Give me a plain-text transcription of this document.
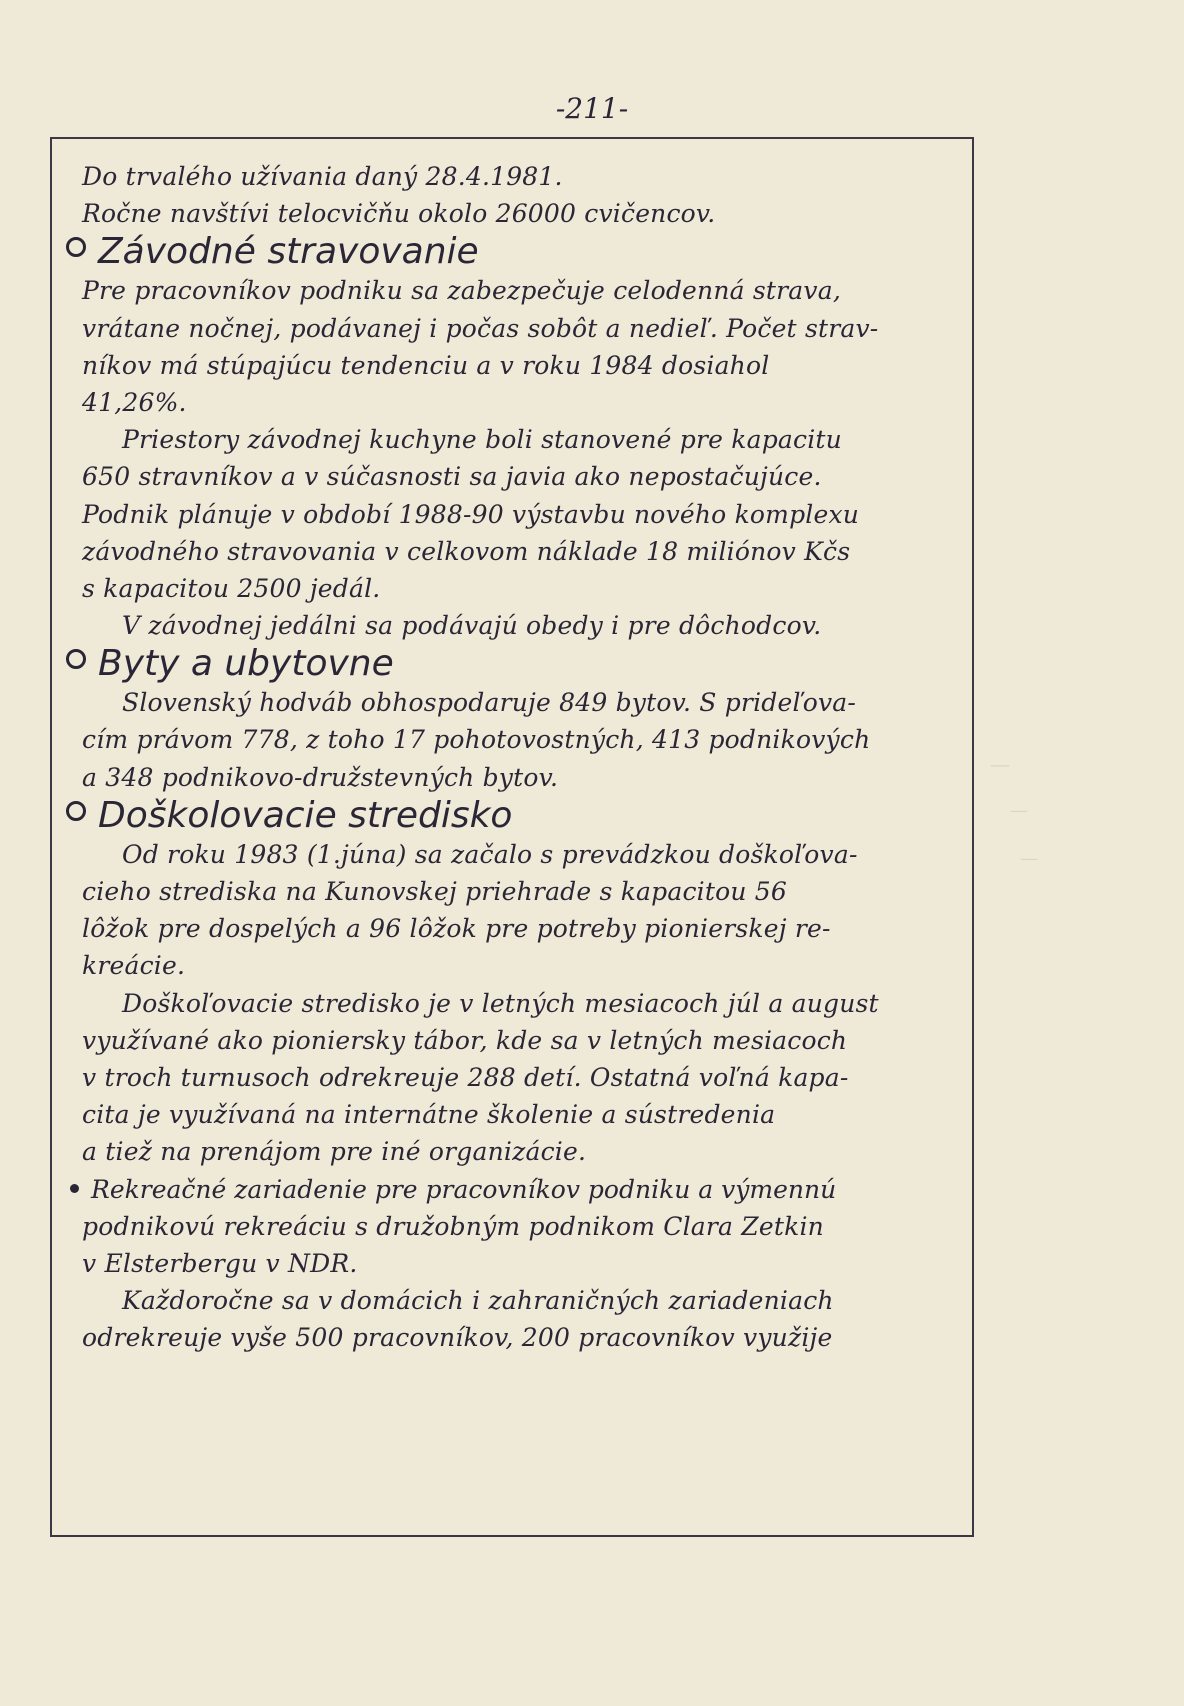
-211-
—
—
—
Do trvalého užívania daný 28.4.1981.
Ročne navštívi telocvičňu okolo 26000 cvičencov.
Závodné stravovanie
Pre pracovníkov podniku sa zabezpečuje celodenná strava,
vrátane nočnej, podávanej i počas sobôt a nedieľ. Počet strav-
níkov má stúpajúcu tendenciu a v roku 1984 dosiahol
41,26%.
Priestory závodnej kuchyne boli stanovené pre kapacitu
650 stravníkov a v súčasnosti sa javia ako nepostačujúce.
Podnik plánuje v období 1988-90 výstavbu nového komplexu
závodného stravovania v celkovom náklade 18 miliónov Kčs
s kapacitou 2500 jedál.
V závodnej jedálni sa podávajú obedy i pre dôchodcov.
Byty a ubytovne
Slovenský hodváb obhospodaruje 849 bytov. S prideľova-
cím právom 778, z toho 17 pohotovostných, 413 podnikových
a 348 podnikovo-družstevných bytov.
Doškolovacie stredisko
Od roku 1983 (1.júna) sa začalo s prevádzkou doškoľova-
cieho strediska na Kunovskej priehrade s kapacitou 56
lôžok pre dospelých a 96 lôžok pre potreby pionierskej re-
kreácie.
Doškoľovacie stredisko je v letných mesiacoch júl a august
využívané ako pioniersky tábor, kde sa v letných mesiacoch
v troch turnusoch odrekreuje 288 detí. Ostatná voľná kapa-
cita je využívaná na internátne školenie a sústredenia
a tiež na prenájom pre iné organizácie.
Rekreačné zariadenie pre pracovníkov podniku a výmennú
podnikovú rekreáciu s družobným podnikom Clara Zetkin
v Elsterbergu v NDR.
Každoročne sa v domácich i zahraničných zariadeniach
odrekreuje vyše 500 pracovníkov, 200 pracovníkov využije
